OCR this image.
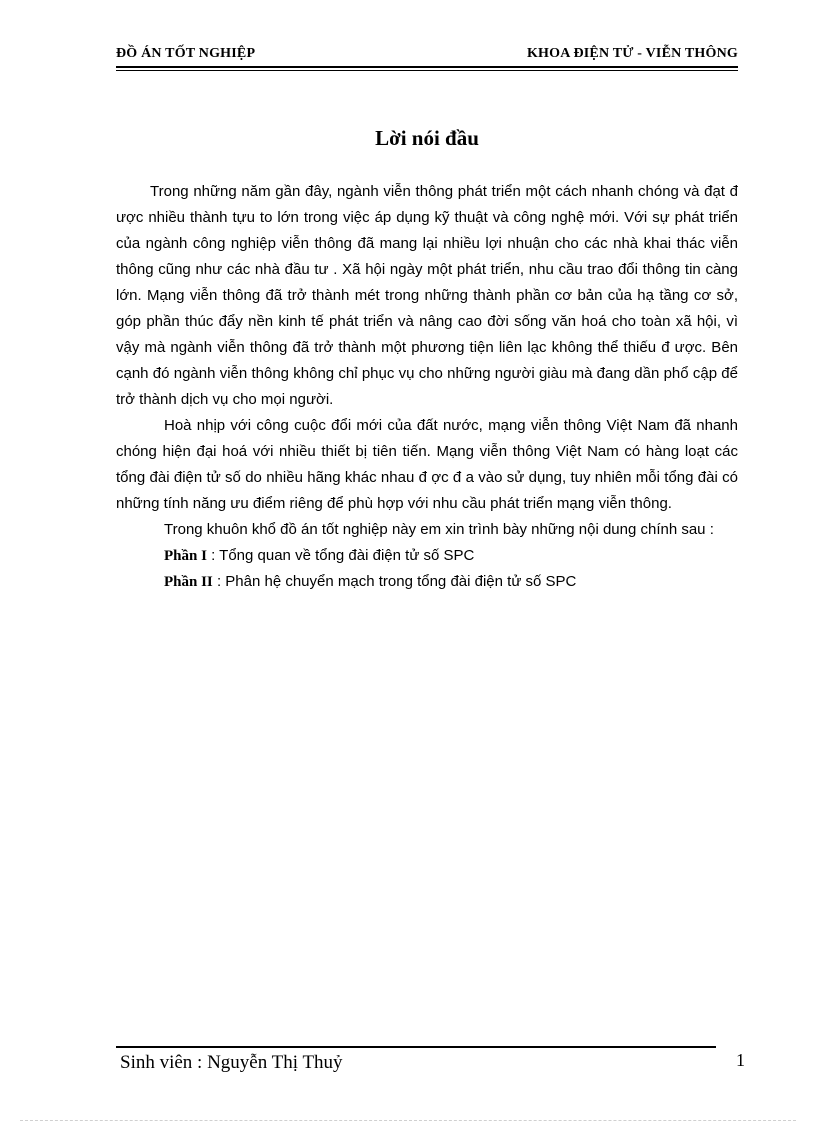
ĐỒ ÁN TỐT NGHIỆP	KHOA ĐIỆN TỬ - VIỄN THÔNG
Lời nói đầu

Trong những năm gần đây, ngành viễn thông phát triển một cách nhanh chóng và đạt đ ược nhiều thành tựu to lớn trong việc áp dụng kỹ thuật và công nghệ mới. Với sự phát triển của ngành công nghiệp viễn thông đã mang lại nhiều lợi nhuận cho các nhà khai thác viễn thông cũng như các nhà đầu tư . Xã hội ngày một phát triển, nhu cầu trao đổi thông tin càng lớn. Mạng viễn thông đã trở thành mét trong những thành phần cơ bản của hạ tầng cơ sở, góp phần thúc đẩy nền kinh tế phát triển và nâng cao đời sống văn hoá cho toàn xã hội, vì vậy mà ngành viễn thông đã trở thành một phương tiện liên lạc không thể thiếu đ ược. Bên cạnh đó ngành viễn thông không chỉ phục vụ cho những người giàu mà đang dần phổ cập để trở thành dịch vụ cho mọi người.

Hoà nhịp với công cuộc đổi mới của đất nước, mạng viễn thông Việt Nam đã nhanh chóng hiện đại hoá với nhiều thiết bị tiên tiến. Mạng viễn thông Việt Nam có hàng loạt các tổng đài điện tử số do nhiều hãng khác nhau đ ợc đ a vào sử dụng, tuy nhiên mỗi tổng đài có những tính năng ưu điểm riêng để phù hợp với nhu cầu phát triển mạng viễn thông.

Trong khuôn khổ đồ án tốt nghiệp này em xin trình bày những nội dung chính sau :

Phần I : Tổng quan về tổng đài điện tử số SPC

Phần II : Phân hệ chuyển mạch trong tổng đài điện tử số SPC

Sinh viên : Nguyễn Thị Thuỷ	1
